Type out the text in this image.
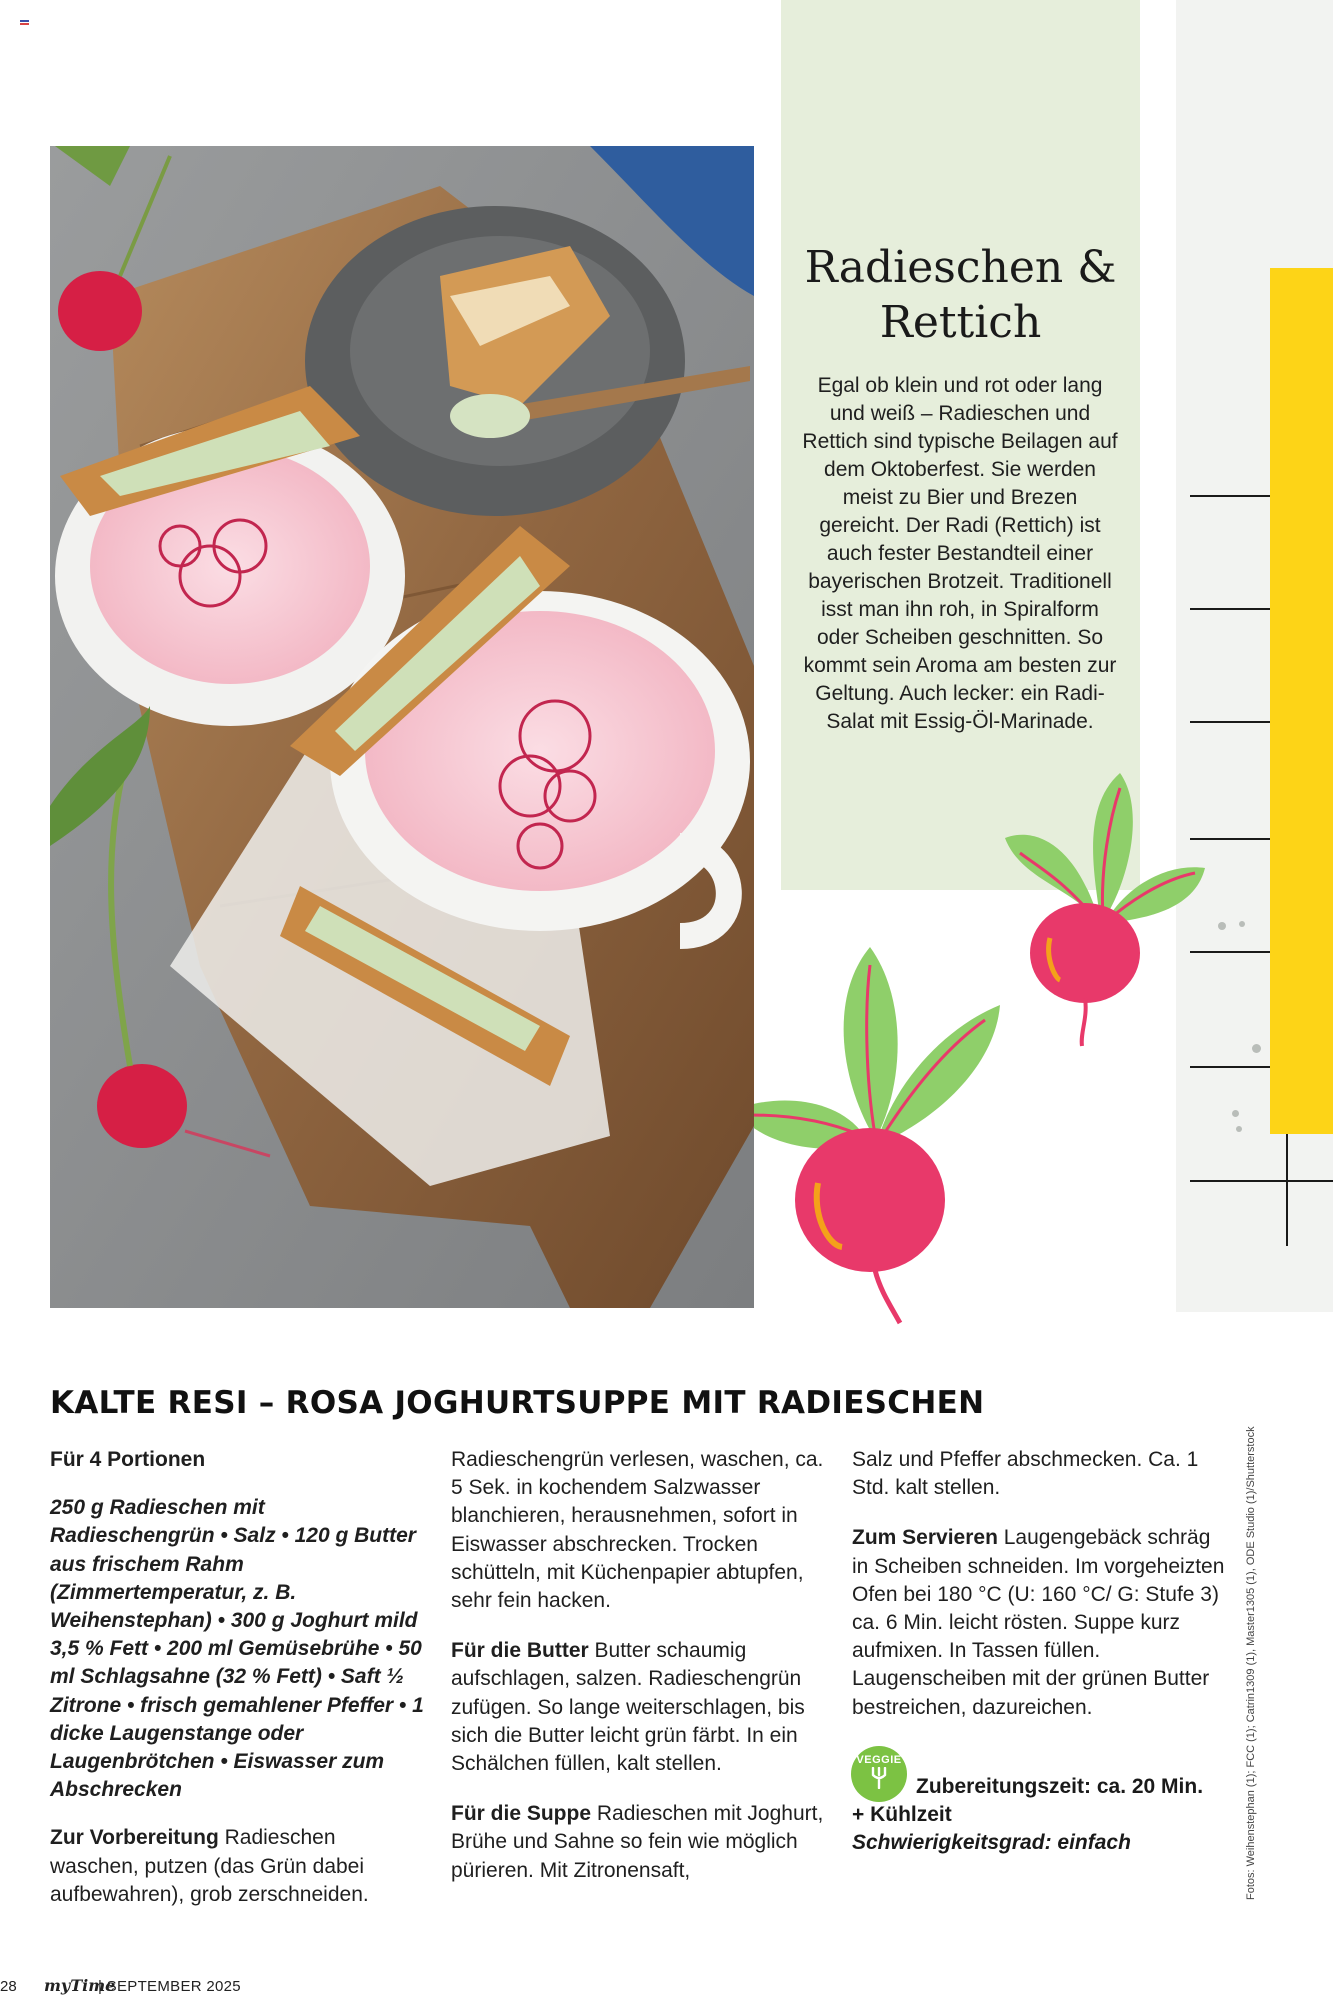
Radieschen &
Rettich
Egal ob klein und rot oder lang und weiß – Radieschen und Rettich sind typische Beilagen auf dem Oktoberfest. Sie werden meist zu Bier und Brezen gereicht. Der Radi (Rettich) ist auch fester Bestandteil einer bayerischen Brotzeit. Traditionell isst man ihn roh, in Spiralform oder Scheiben geschnitten. So kommt sein Aroma am besten zur Geltung. Auch lecker: ein Radi-Salat mit Essig-Öl-Marinade.
KALTE RESI – ROSA JOGHURTSUPPE MIT RADIESCHEN

Für 4 Portionen

250 g Radieschen mit Radieschengrün • Salz • 120 g Butter aus frischem Rahm (Zimmertemperatur, z. B. Weihenstephan) • 300 g Joghurt mild 3,5 % Fett • 200 ml Gemüsebrühe • 50 ml Schlagsahne (32 % Fett) • Saft ½ Zitrone • frisch gemahlener Pfeffer • 1 dicke Laugenstange oder Laugenbrötchen • Eiswasser zum Abschrecken

Zur Vorbereitung Radieschen waschen, putzen (das Grün dabei aufbewahren), grob zerschneiden.

Radieschengrün verlesen, waschen, ca. 5 Sek. in kochendem Salzwasser blanchieren, herausnehmen, sofort in Eiswasser abschrecken. Trocken schütteln, mit Küchenpapier abtupfen, sehr fein hacken.

Für die Butter Butter schaumig aufschlagen, salzen. Radieschengrün zufügen. So lange weiterschlagen, bis sich die Butter leicht grün färbt. In ein Schälchen füllen, kalt stellen.

Für die Suppe Radieschen mit Joghurt, Brühe und Sahne so fein wie möglich pürieren. Mit Zitronensaft,

Salz und Pfeffer abschmecken. Ca. 1 Std. kalt stellen.

Zum Servieren Laugengebäck schräg in Scheiben schneiden. Im vorgeheizten Ofen bei 180 °C (U: 160 °C/ G: Stufe 3) ca. 6 Min. leicht rösten. Suppe kurz aufmixen. In Tassen füllen. Laugenscheiben mit der grünen Butter bestreichen, dazureichen.

VEGGIE
Zubereitungszeit: ca. 20 Min.
+ Kühlzeit
Schwierigkeitsgrad: einfach	Fotos: Weihenstephan (1); FCC (1); Catrin1309 (1), Master1305 (1), ODE Studio (1)/Shutterstock
28 myTime
| SEPTEMBER 2025
